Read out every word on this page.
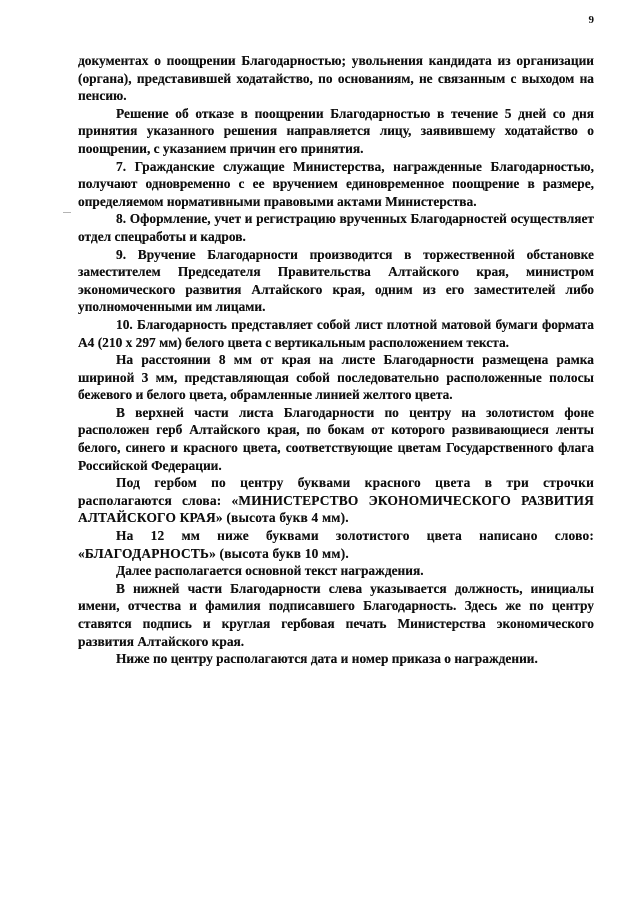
9

документах о поощрении Благодарностью; увольнения кандидата из организации (органа), представившей ходатайство, по основаниям, не связанным с выходом на пенсию.

Решение об отказе в поощрении Благодарностью в течение 5 дней со дня принятия указанного решения направляется лицу, заявившему ходатайство о поощрении, с указанием причин его принятия.

7. Гражданские служащие Министерства, награжденные Благодарностью, получают одновременно с ее вручением единовременное поощрение в размере, определяемом нормативными правовыми актами Министерства.

8. Оформление, учет и регистрацию врученных Благодарностей осуществляет отдел спецработы и кадров.

9. Вручение Благодарности производится в торжественной обстановке заместителем Председателя Правительства Алтайского края, министром экономического развития Алтайского края, одним из его заместителей либо уполномоченными им лицами.

10. Благодарность представляет собой лист плотной матовой бумаги формата А4 (210 х 297 мм) белого цвета с вертикальным расположением текста.

На расстоянии 8 мм от края на листе Благодарности размещена рамка шириной 3 мм, представляющая собой последовательно расположенные полосы бежевого и белого цвета, обрамленные линией желтого цвета.

В верхней части листа Благодарности по центру на золотистом фоне расположен герб Алтайского края, по бокам от которого развивающиеся ленты белого, синего и красного цвета, соответствующие цветам Государственного флага Российской Федерации.

Под гербом по центру буквами красного цвета в три строчки располагаются слова: «МИНИСТЕРСТВО ЭКОНОМИЧЕСКОГО РАЗВИТИЯ АЛТАЙСКОГО КРАЯ» (высота букв 4 мм).

На 12 мм ниже буквами золотистого цвета написано слово: «БЛАГОДАРНОСТЬ» (высота букв 10 мм).

Далее располагается основной текст награждения.

В нижней части Благодарности слева указывается должность, инициалы имени, отчества и фамилия подписавшего Благодарность. Здесь же по центру ставятся подпись и круглая гербовая печать Министерства экономического развития Алтайского края.

Ниже по центру располагаются дата и номер приказа о награждении.
